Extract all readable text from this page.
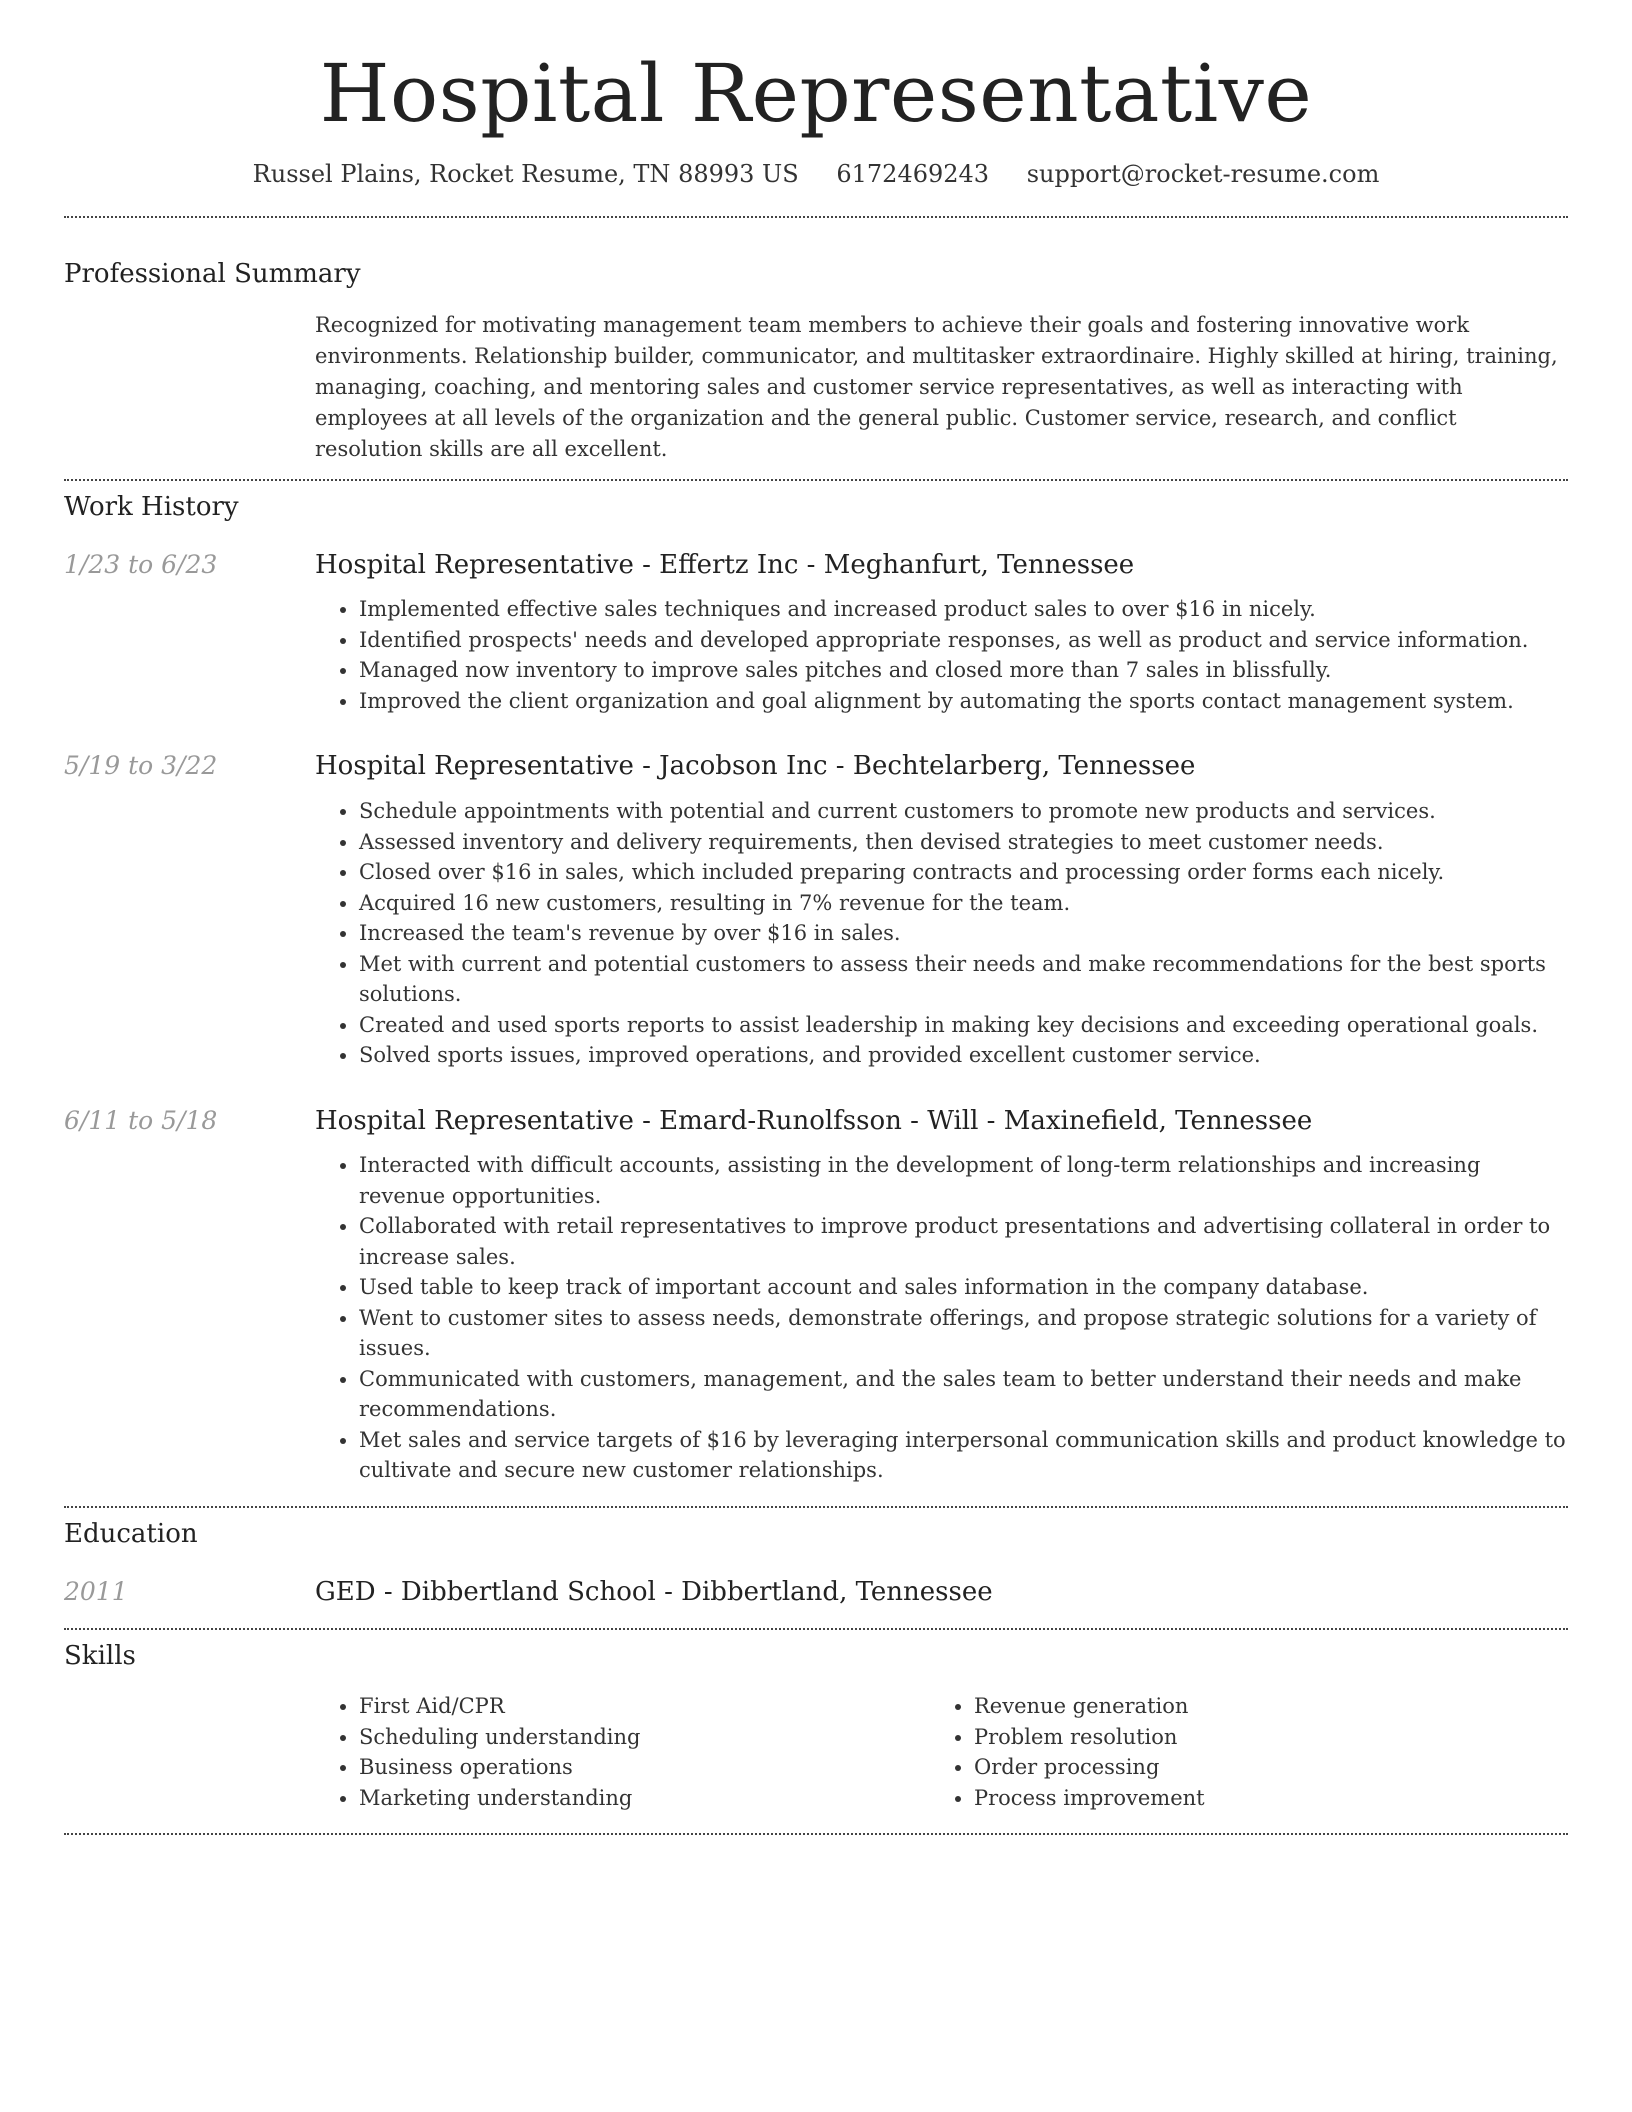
Hospital Representative
Russel Plains, Rocket Resume, TN 88993 US 6172469243 support@rocket-resume.com
Professional Summary

Recognized for motivating management team members to achieve their goals and fostering innovative work environments. Relationship builder, communicator, and multitasker extraordinaire. Highly skilled at hiring, training, managing, coaching, and mentoring sales and customer service representatives, as well as interacting with employees at all levels of the organization and the general public. Customer service, research, and conflict resolution skills are all excellent.

Work History
1/23 to 6/23	Hospital Representative - Effertz Inc - Meghanfurt, Tennessee
• Implemented effective sales techniques and increased product sales to over $16 in nicely.
• Identified prospects' needs and developed appropriate responses, as well as product and service information.
• Managed now inventory to improve sales pitches and closed more than 7 sales in blissfully.
• Improved the client organization and goal alignment by automating the sports contact management system.
5/19 to 3/22	Hospital Representative - Jacobson Inc - Bechtelarberg, Tennessee
• Schedule appointments with potential and current customers to promote new products and services.
• Assessed inventory and delivery requirements, then devised strategies to meet customer needs.
• Closed over $16 in sales, which included preparing contracts and processing order forms each nicely.
• Acquired 16 new customers, resulting in 7% revenue for the team.
• Increased the team's revenue by over $16 in sales.
• Met with current and potential customers to assess their needs and make recommendations for the best sports solutions.
• Created and used sports reports to assist leadership in making key decisions and exceeding operational goals.
• Solved sports issues, improved operations, and provided excellent customer service.
6/11 to 5/18	Hospital Representative - Emard-Runolfsson - Will - Maxinefield, Tennessee
• Interacted with difficult accounts, assisting in the development of long-term relationships and increasing revenue opportunities.
• Collaborated with retail representatives to improve product presentations and advertising collateral in order to increase sales.
• Used table to keep track of important account and sales information in the company database.
• Went to customer sites to assess needs, demonstrate offerings, and propose strategic solutions for a variety of issues.
• Communicated with customers, management, and the sales team to better understand their needs and make recommendations.
• Met sales and service targets of $16 by leveraging interpersonal communication skills and product knowledge to cultivate and secure new customer relationships.
Education
2011	GED - Dibbertland School - Dibbertland, Tennessee
Skills
• First Aid/CPR
• Scheduling understanding
• Business operations
• Marketing understanding
• Revenue generation
• Problem resolution
• Order processing
• Process improvement
